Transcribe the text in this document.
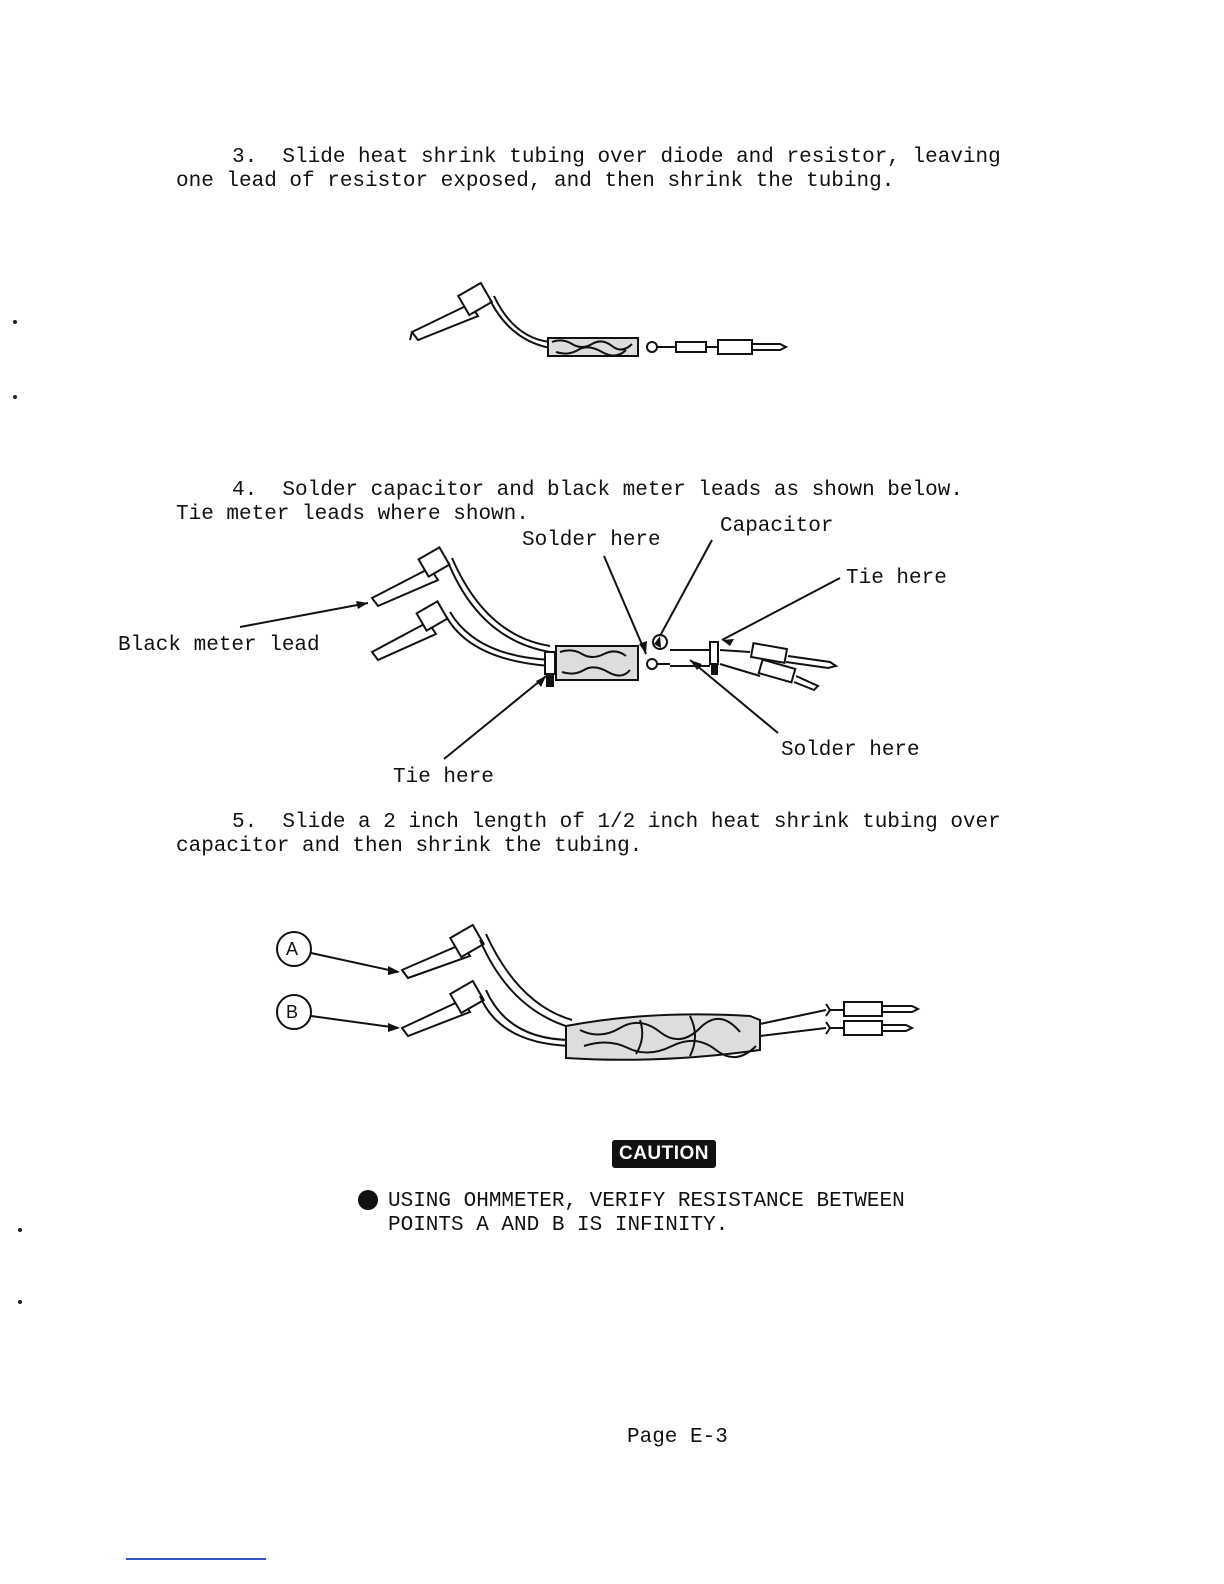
3.  Slide heat shrink tubing over diode and resistor, leaving
one lead of resistor exposed, and then shrink the tubing.
4.  Solder capacitor and black meter leads as shown below.
Tie meter leads where shown.
Solder here
Capacitor
Tie here
Black meter lead
Solder here
Tie here
5.  Slide a 2 inch length of 1/2 inch heat shrink tubing over
capacitor and then shrink the tubing.
A
B
CAUTION
USING OHMMETER, VERIFY RESISTANCE BETWEEN
POINTS A AND B IS INFINITY.
Page E-3
